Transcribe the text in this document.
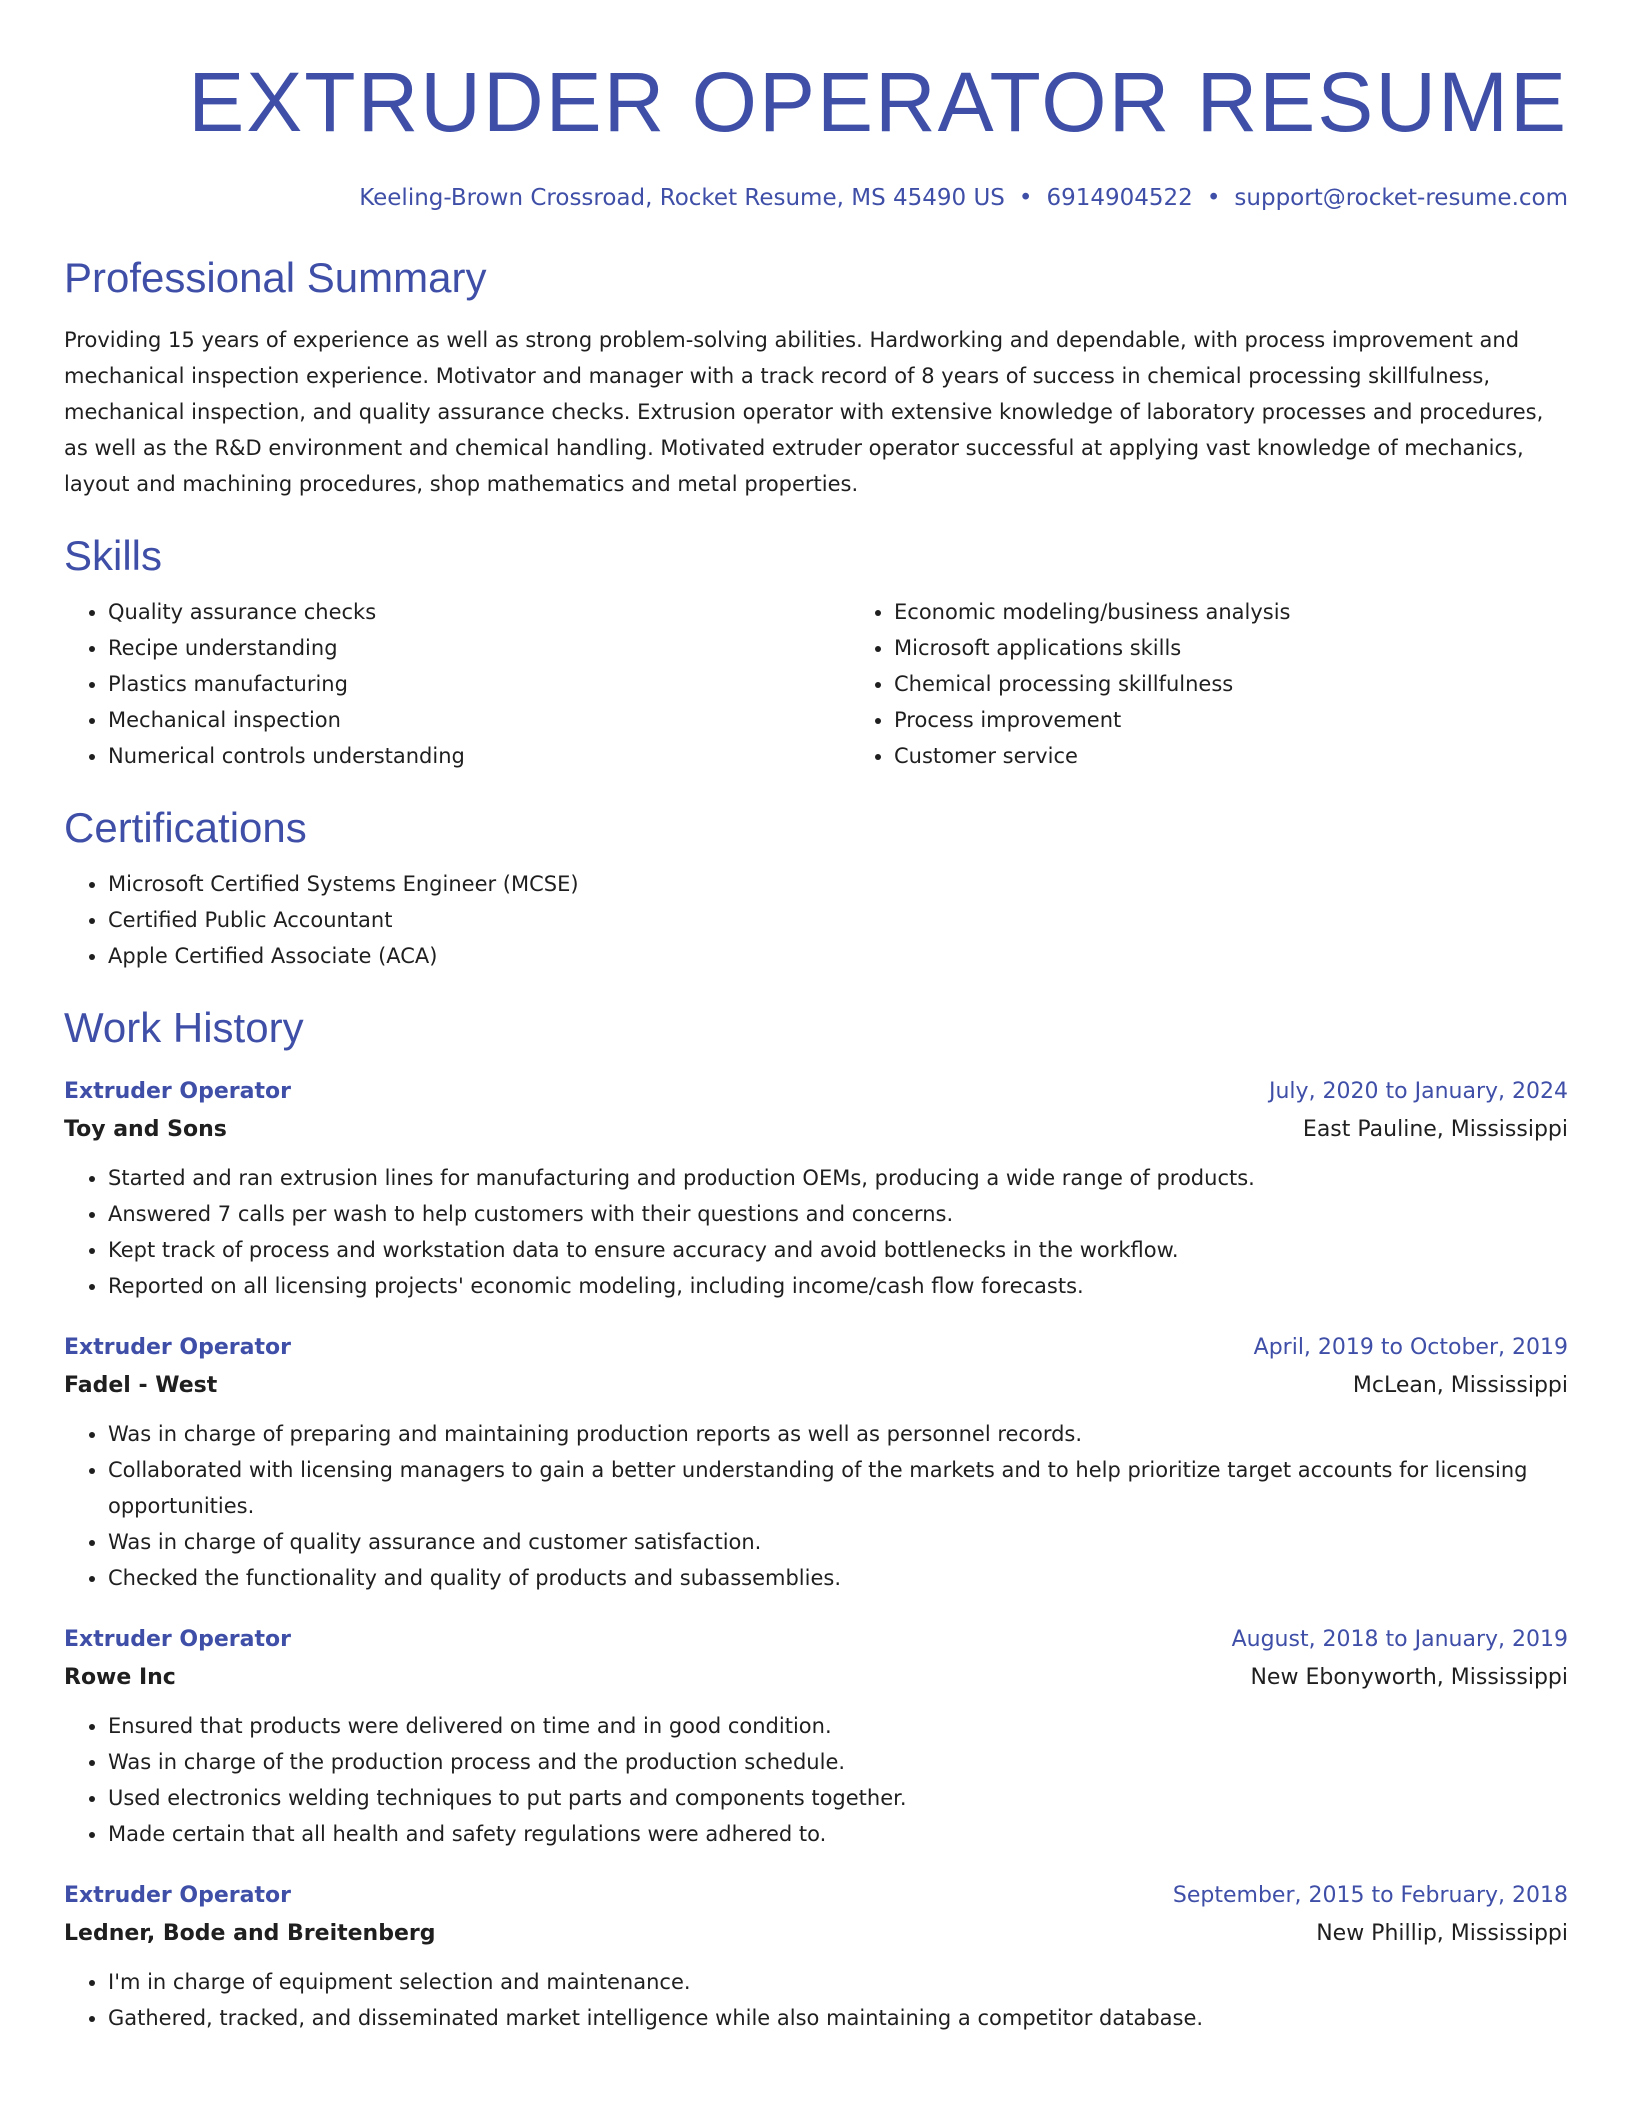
EXTRUDER OPERATOR RESUME
Keeling-Brown Crossroad, Rocket Resume, MS 45490 US • 6914904522 • support@rocket-resume.com
Professional Summary
Providing 15 years of experience as well as strong problem-solving abilities. Hardworking and dependable, with process improvement and mechanical inspection experience. Motivator and manager with a track record of 8 years of success in chemical processing skillfulness, mechanical inspection, and quality assurance checks. Extrusion operator with extensive knowledge of laboratory processes and procedures, as well as the R&D environment and chemical handling. Motivated extruder operator successful at applying vast knowledge of mechanics, layout and machining procedures, shop mathematics and metal properties.
Skills
• Quality assurance checks
• Recipe understanding
• Plastics manufacturing
• Mechanical inspection
• Numerical controls understanding
• Economic modeling/business analysis
• Microsoft applications skills
• Chemical processing skillfulness
• Process improvement
• Customer service
Certifications
• Microsoft Certified Systems Engineer (MCSE)
• Certified Public Accountant
• Apple Certified Associate (ACA)
Work History
Extruder Operator	July, 2020 to January, 2024
Toy and Sons	East Pauline, Mississippi
• Started and ran extrusion lines for manufacturing and production OEMs, producing a wide range of products.
• Answered 7 calls per wash to help customers with their questions and concerns.
• Kept track of process and workstation data to ensure accuracy and avoid bottlenecks in the workflow.
• Reported on all licensing projects' economic modeling, including income/cash flow forecasts.
Extruder Operator	April, 2019 to October, 2019
Fadel - West	McLean, Mississippi
• Was in charge of preparing and maintaining production reports as well as personnel records.
• Collaborated with licensing managers to gain a better understanding of the markets and to help prioritize target accounts for licensing opportunities.
• Was in charge of quality assurance and customer satisfaction.
• Checked the functionality and quality of products and subassemblies.
Extruder Operator	August, 2018 to January, 2019
Rowe Inc	New Ebonyworth, Mississippi
• Ensured that products were delivered on time and in good condition.
• Was in charge of the production process and the production schedule.
• Used electronics welding techniques to put parts and components together.
• Made certain that all health and safety regulations were adhered to.
Extruder Operator	September, 2015 to February, 2018
Ledner, Bode and Breitenberg	New Phillip, Mississippi
• I'm in charge of equipment selection and maintenance.
• Gathered, tracked, and disseminated market intelligence while also maintaining a competitor database.
